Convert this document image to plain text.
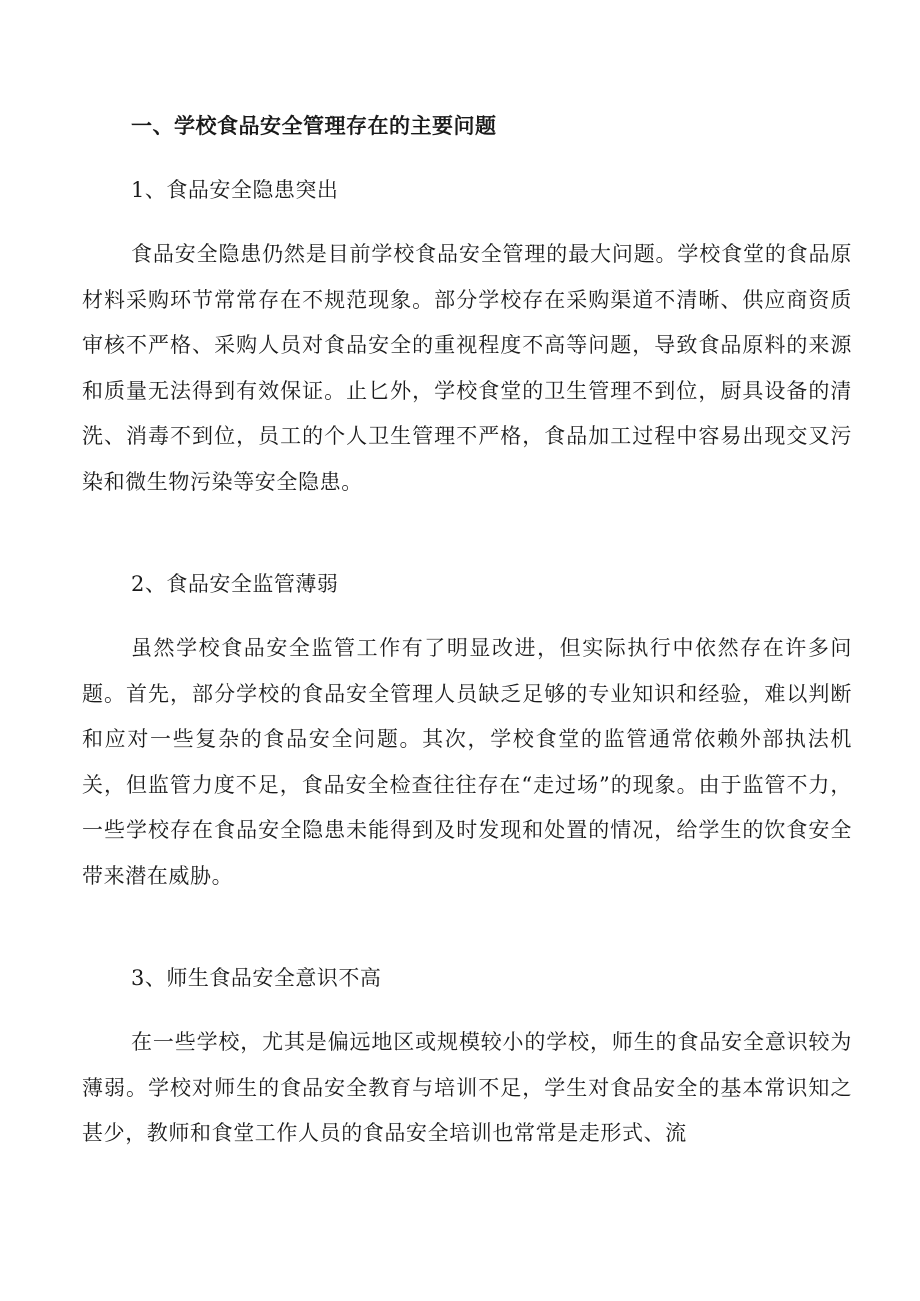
一、学校食品安全管理存在的主要问题
1、食品安全隐患突出

食品安全隐患仍然是目前学校食品安全管理的最大问题。学校食堂的食品原材料采购环节常常存在不规范现象。部分学校存在采购渠道不清晰、供应商资质审核不严格、采购人员对食品安全的重视程度不高等问题，导致食品原料的来源和质量无法得到有效保证。止匕外，学校食堂的卫生管理不到位，厨具设备的清洗、消毒不到位，员工的个人卫生管理不严格，食品加工过程中容易出现交叉污染和微生物污染等安全隐患。

2、食品安全监管薄弱

虽然学校食品安全监管工作有了明显改进，但实际执行中依然存在许多问题。首先，部分学校的食品安全管理人员缺乏足够的专业知识和经验，难以判断和应对一些复杂的食品安全问题。其次，学校食堂的监管通常依赖外部执法机关，但监管力度不足，食品安全检查往往存在“走过场”的现象。由于监管不力，一些学校存在食品安全隐患未能得到及时发现和处置的情况，给学生的饮食安全带来潜在威胁。

3、师生食品安全意识不高

在一些学校，尤其是偏远地区或规模较小的学校，师生的食品安全意识较为薄弱。学校对师生的食品安全教育与培训不足，学生对食品安全的基本常识知之甚少，教师和食堂工作人员的食品安全培训也常常是走形式、流
